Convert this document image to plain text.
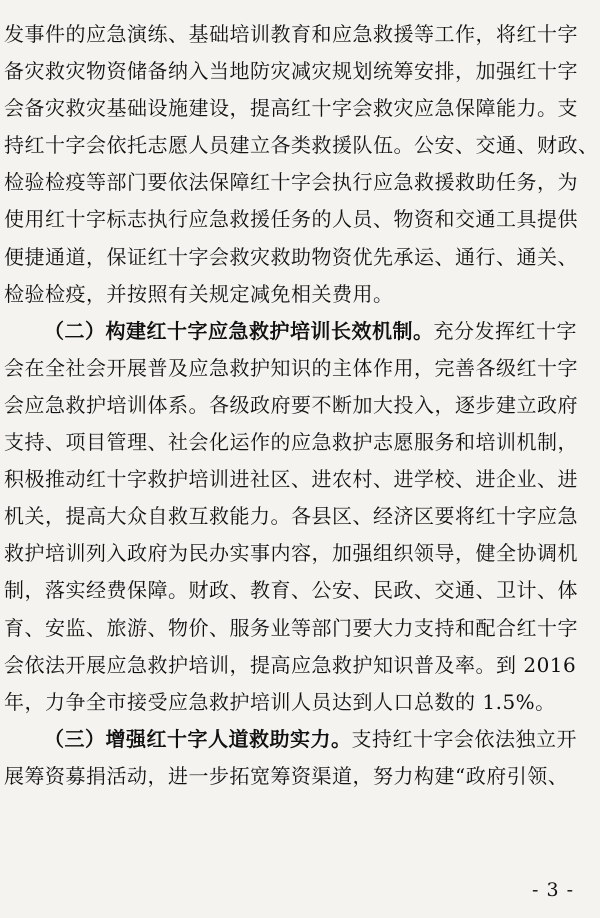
发事件的应急演练、基础培训教育和应急救援等工作，将红十字
备灾救灾物资储备纳入当地防灾减灾规划统筹安排，加强红十字
会备灾救灾基础设施建设，提高红十字会救灾应急保障能力。支
持红十字会依托志愿人员建立各类救援队伍。公安、交通、财政、
检验检疫等部门要依法保障红十字会执行应急救援救助任务，为
使用红十字标志执行应急救援任务的人员、物资和交通工具提供
便捷通道，保证红十字会救灾救助物资优先承运、通行、通关、
检验检疫，并按照有关规定减免相关费用。
（二）构建红十字应急救护培训长效机制。充分发挥红十字
会在全社会开展普及应急救护知识的主体作用，完善各级红十字
会应急救护培训体系。各级政府要不断加大投入，逐步建立政府
支持、项目管理、社会化运作的应急救护志愿服务和培训机制，
积极推动红十字救护培训进社区、进农村、进学校、进企业、进
机关，提高大众自救互救能力。各县区、经济区要将红十字应急
救护培训列入政府为民办实事内容，加强组织领导，健全协调机
制，落实经费保障。财政、教育、公安、民政、交通、卫计、体
育、安监、旅游、物价、服务业等部门要大力支持和配合红十字
会依法开展应急救护培训，提高应急救护知识普及率。到 2016
年，力争全市接受应急救护培训人员达到人口总数的 1.5%。
（三）增强红十字人道救助实力。支持红十字会依法独立开
展筹资募捐活动，进一步拓宽筹资渠道，努力构建“政府引领、
- 3 -
